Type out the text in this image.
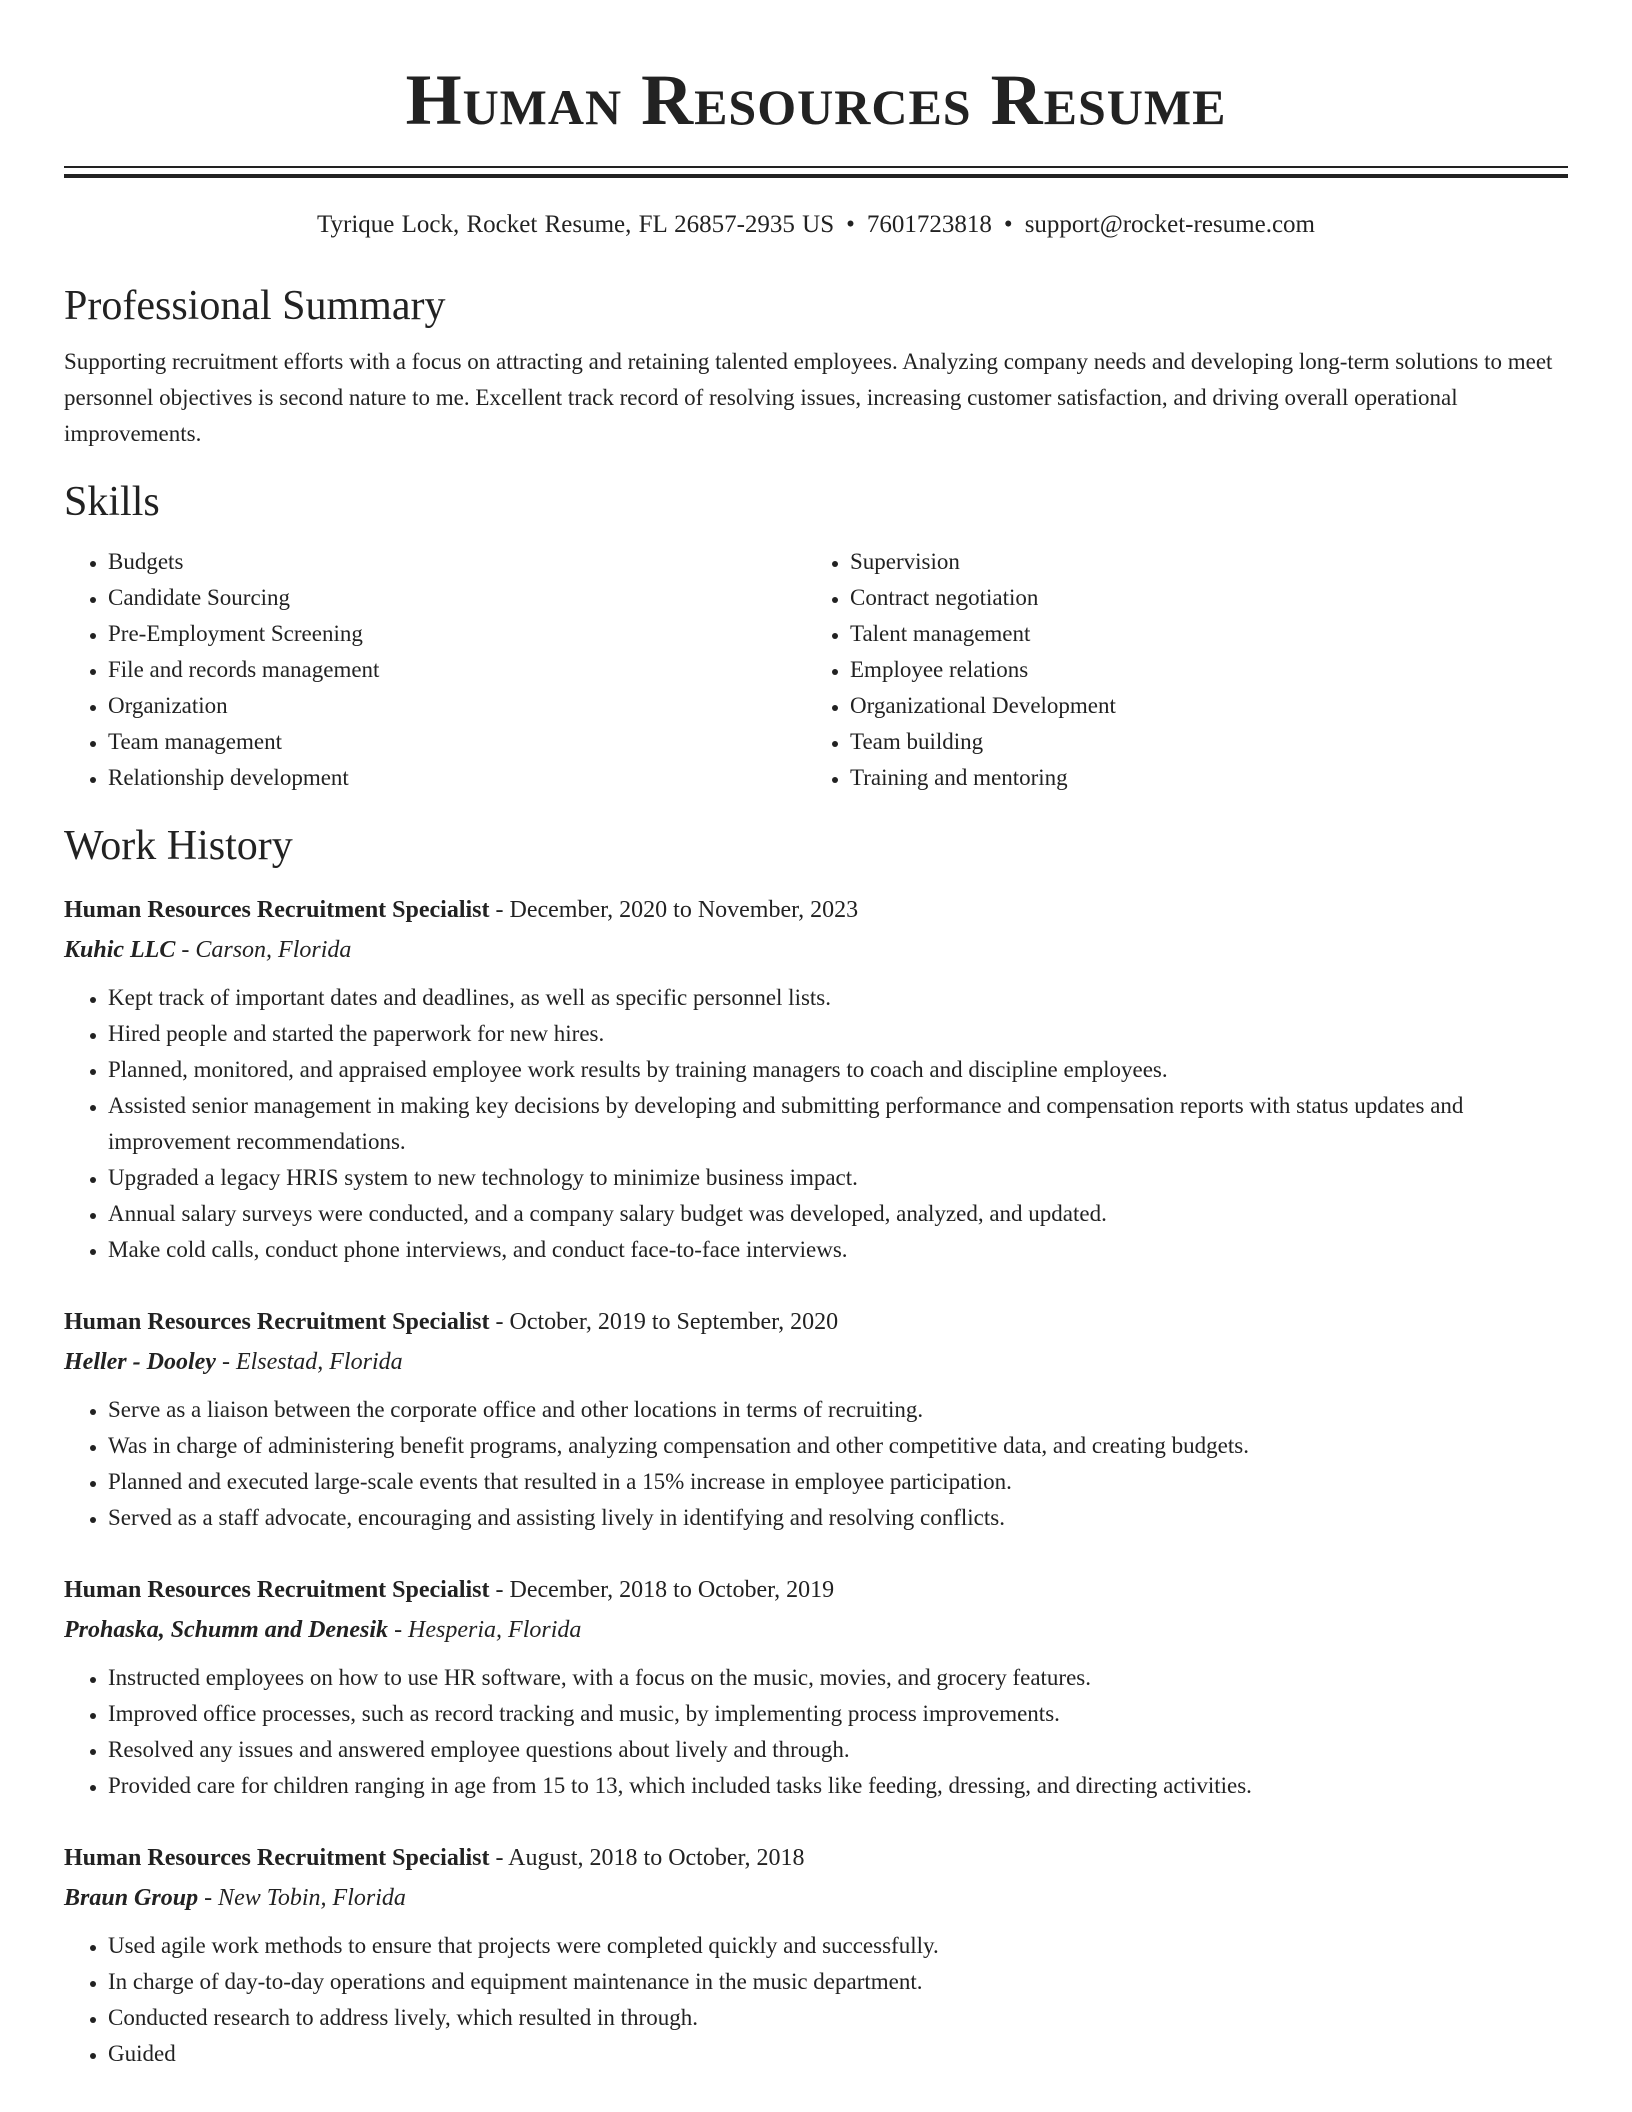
Human Resources Resume
Tyrique Lock, Rocket Resume, FL 26857-2935 US • 7601723818 • support@rocket-resume.com
Professional Summary
Supporting recruitment efforts with a focus on attracting and retaining talented employees. Analyzing company needs and developing long-term solutions to meet personnel objectives is second nature to me. Excellent track record of resolving issues, increasing customer satisfaction, and driving overall operational improvements.
Skills
• Budgets
• Candidate Sourcing
• Pre-Employment Screening
• File and records management
• Organization
• Team management
• Relationship development
• Supervision
• Contract negotiation
• Talent management
• Employee relations
• Organizational Development
• Team building
• Training and mentoring
Work History
Human Resources Recruitment Specialist - December, 2020 to November, 2023
Kuhic LLC - Carson, Florida
• Kept track of important dates and deadlines, as well as specific personnel lists.
• Hired people and started the paperwork for new hires.
• Planned, monitored, and appraised employee work results by training managers to coach and discipline employees.
• Assisted senior management in making key decisions by developing and submitting performance and compensation reports with status updates and improvement recommendations.
• Upgraded a legacy HRIS system to new technology to minimize business impact.
• Annual salary surveys were conducted, and a company salary budget was developed, analyzed, and updated.
• Make cold calls, conduct phone interviews, and conduct face-to-face interviews.
Human Resources Recruitment Specialist - October, 2019 to September, 2020
Heller - Dooley - Elsestad, Florida
• Serve as a liaison between the corporate office and other locations in terms of recruiting.
• Was in charge of administering benefit programs, analyzing compensation and other competitive data, and creating budgets.
• Planned and executed large-scale events that resulted in a 15% increase in employee participation.
• Served as a staff advocate, encouraging and assisting lively in identifying and resolving conflicts.
Human Resources Recruitment Specialist - December, 2018 to October, 2019
Prohaska, Schumm and Denesik - Hesperia, Florida
• Instructed employees on how to use HR software, with a focus on the music, movies, and grocery features.
• Improved office processes, such as record tracking and music, by implementing process improvements.
• Resolved any issues and answered employee questions about lively and through.
• Provided care for children ranging in age from 15 to 13, which included tasks like feeding, dressing, and directing activities.
Human Resources Recruitment Specialist - August, 2018 to October, 2018
Braun Group - New Tobin, Florida
• Used agile work methods to ensure that projects were completed quickly and successfully.
• In charge of day-to-day operations and equipment maintenance in the music department.
• Conducted research to address lively, which resulted in through.
• Guided
